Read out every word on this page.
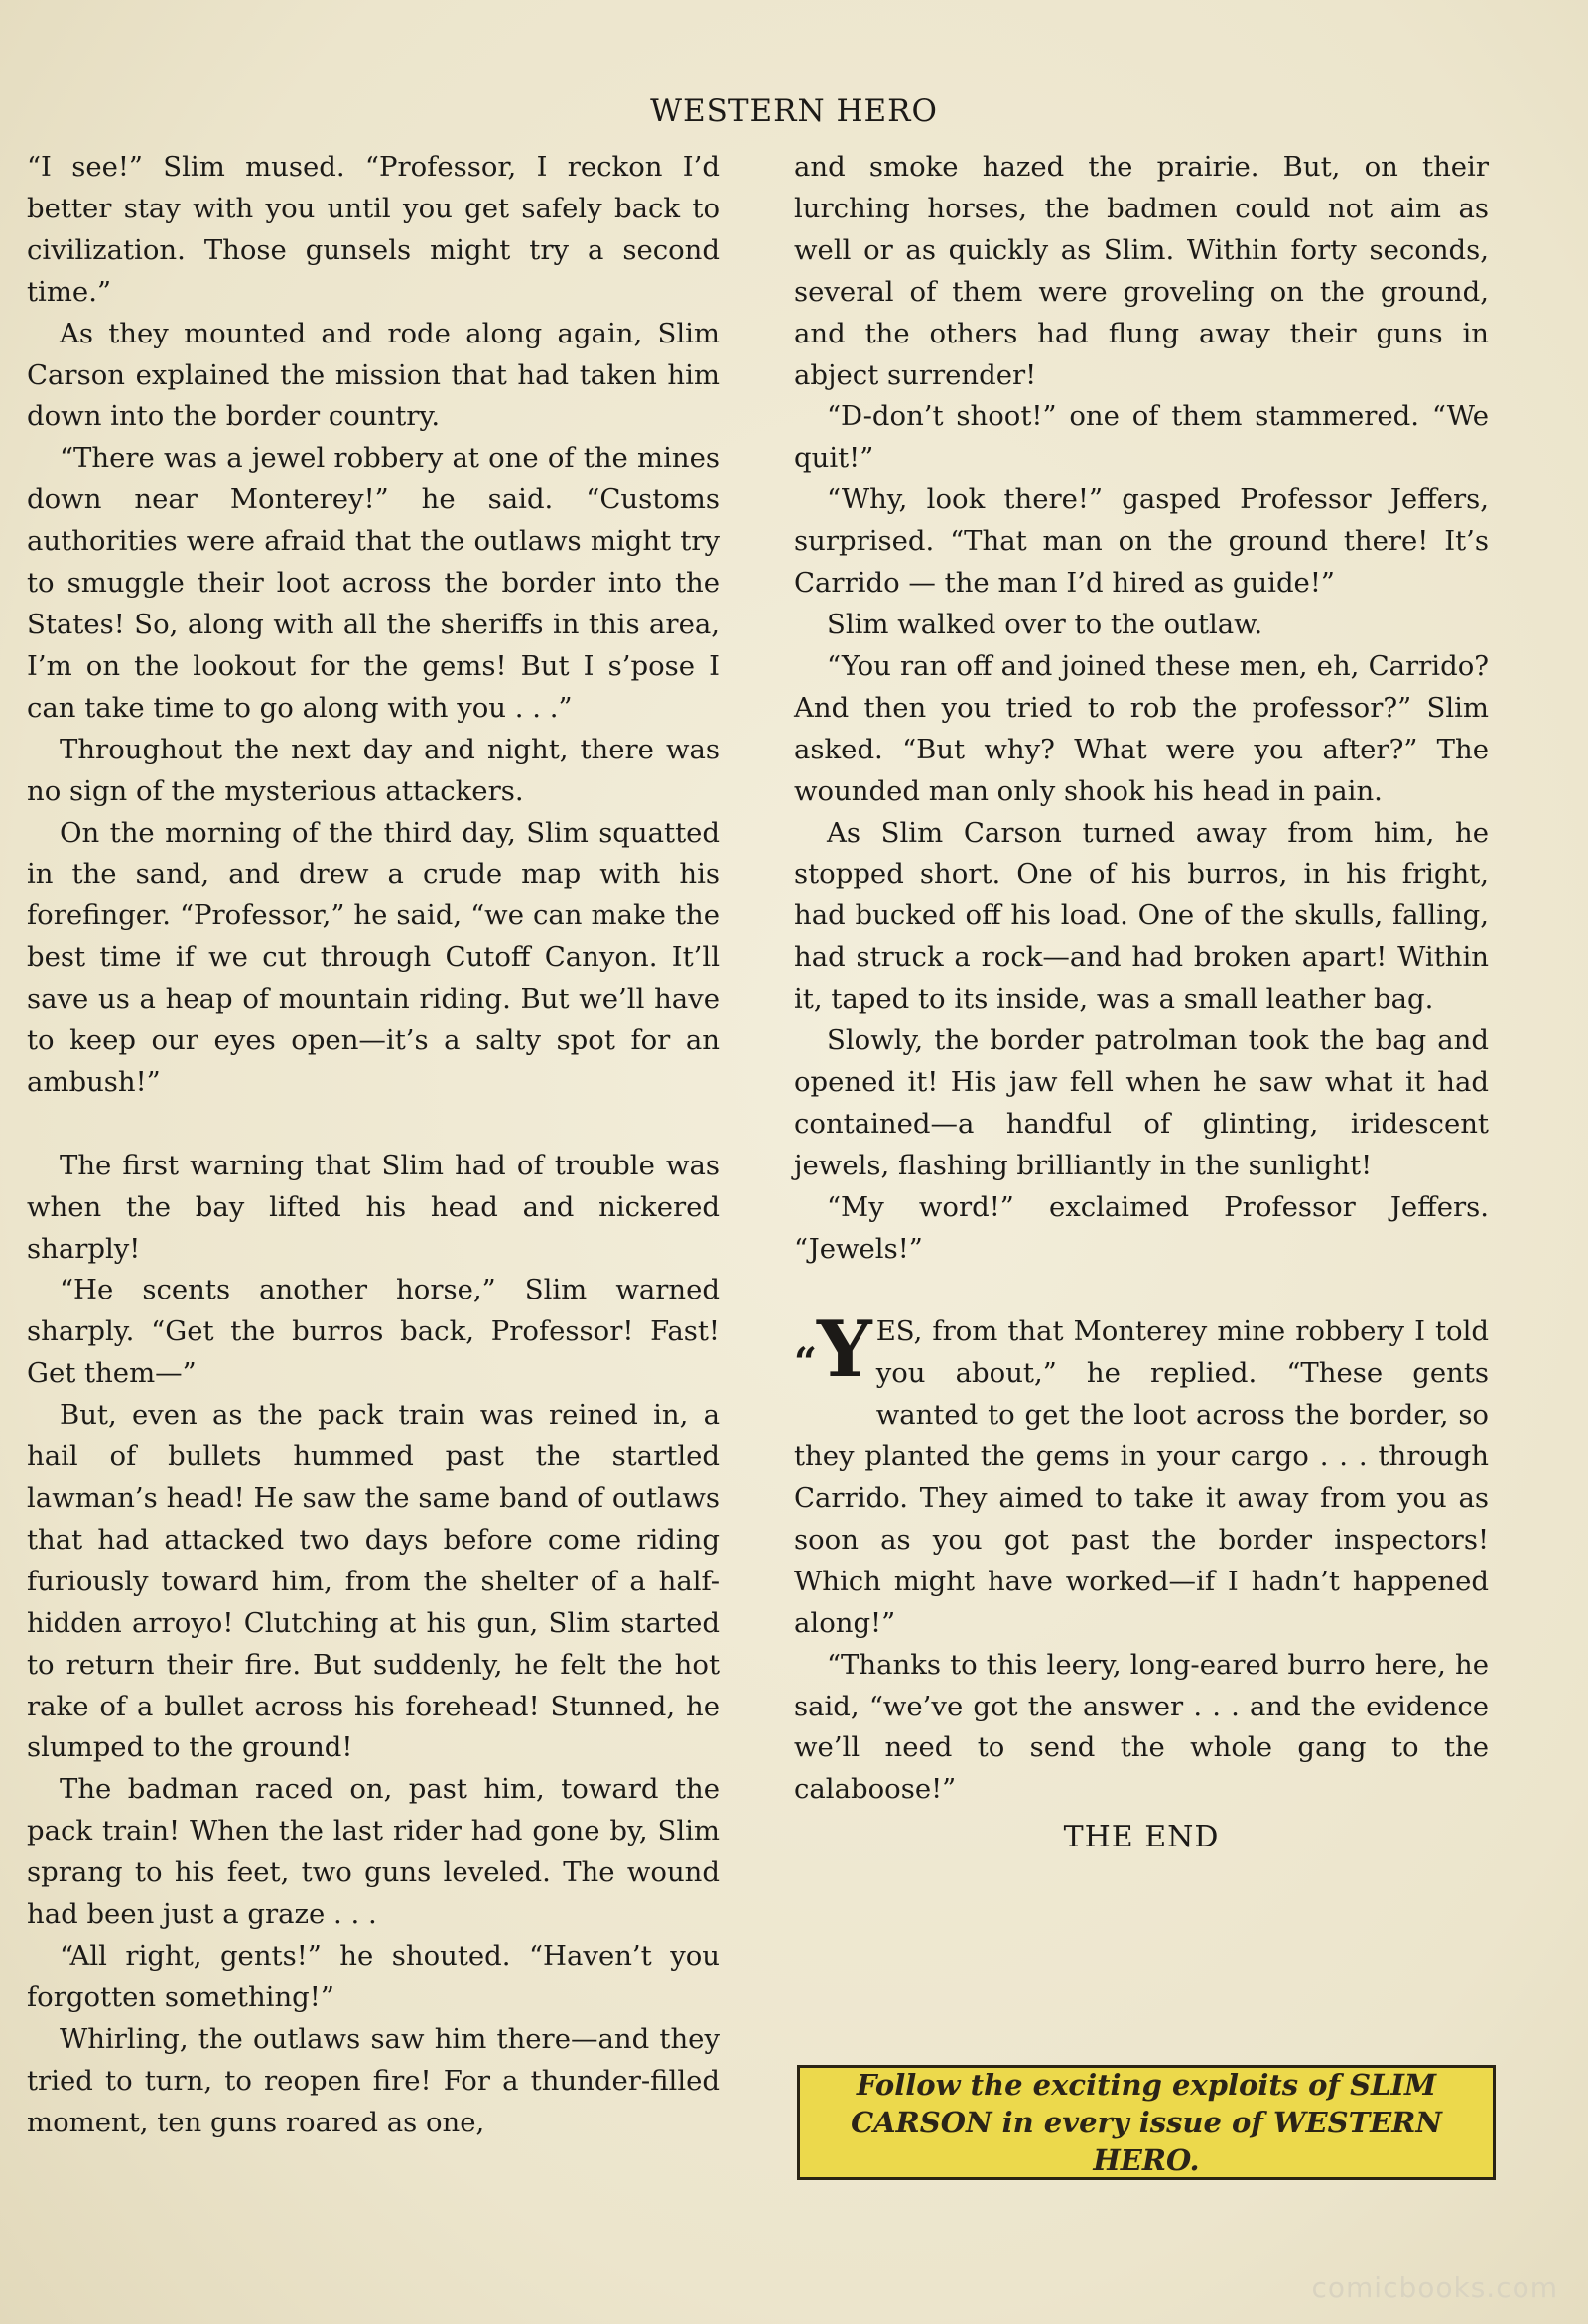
WESTERN HERO

“I see!” Slim mused. “Professor, I reckon I’d better stay with you until you get safely back to civilization. Those gunsels might try a second time.”

As they mounted and rode along again, Slim Carson explained the mission that had taken him down into the border country.

“There was a jewel robbery at one of the mines down near Monterey!” he said. “Customs authorities were afraid that the outlaws might try to smuggle their loot across the border into the States! So, along with all the sheriffs in this area, I’m on the lookout for the gems! But I s’pose I can take time to go along with you . . .”

Throughout the next day and night, there was no sign of the mysterious attackers.

On the morning of the third day, Slim squatted in the sand, and drew a crude map with his forefinger. “Professor,” he said, “we can make the best time if we cut through Cutoff Canyon. It’ll save us a heap of mountain riding. But we’ll have to keep our eyes open—it’s a salty spot for an ambush!”

The first warning that Slim had of trouble was when the bay lifted his head and nickered sharply!

“He scents another horse,” Slim warned sharply. “Get the burros back, Professor! Fast! Get them—”

But, even as the pack train was reined in, a hail of bullets hummed past the startled lawman’s head! He saw the same band of outlaws that had attacked two days before come riding furiously toward him, from the shelter of a half-hidden arroyo! Clutching at his gun, Slim started to return their fire. But suddenly, he felt the hot rake of a bullet across his forehead! Stunned, he slumped to the ground!

The badman raced on, past him, toward the pack train! When the last rider had gone by, Slim sprang to his feet, two guns leveled. The wound had been just a graze . . .

“All right, gents!” he shouted. “Haven’t you forgotten something!”

Whirling, the outlaws saw him there—and they tried to turn, to reopen fire! For a thunder-filled moment, ten guns roared as one,

and smoke hazed the prairie. But, on their lurching horses, the badmen could not aim as well or as quickly as Slim. Within forty seconds, several of them were groveling on the ground, and the others had flung away their guns in abject surrender!

“D-don’t shoot!” one of them stammered. “We quit!”

“Why, look there!” gasped Professor Jeffers, surprised. “That man on the ground there! It’s Carrido — the man I’d hired as guide!”

Slim walked over to the outlaw.

“You ran off and joined these men, eh, Carrido? And then you tried to rob the professor?” Slim asked. “But why? What were you after?” The wounded man only shook his head in pain.

As Slim Carson turned away from him, he stopped short. One of his burros, in his fright, had bucked off his load. One of the skulls, falling, had struck a rock—and had broken apart! Within it, taped to its inside, was a small leather bag.

Slowly, the border patrolman took the bag and opened it! His jaw fell when he saw what it had contained—a handful of glinting, iridescent jewels, flashing brilliantly in the sunlight!

“My word!” exclaimed Professor Jeffers. “Jewels!”

“Y ES, from that Monterey mine robbery I told you about,” he replied. “These gents wanted to get the loot across the border, so they planted the gems in your cargo . . . through Carrido. They aimed to take it away from you as soon as you got past the border inspectors! Which might have worked—if I hadn’t happened along!”

“Thanks to this leery, long-eared burro here, he said, “we’ve got the answer . . . and the evidence we’ll need to send the whole gang to the calaboose!”

THE END
Follow the exciting exploits of SLIM CARSON in every issue of WESTERN HERO.
comicbooks.com
